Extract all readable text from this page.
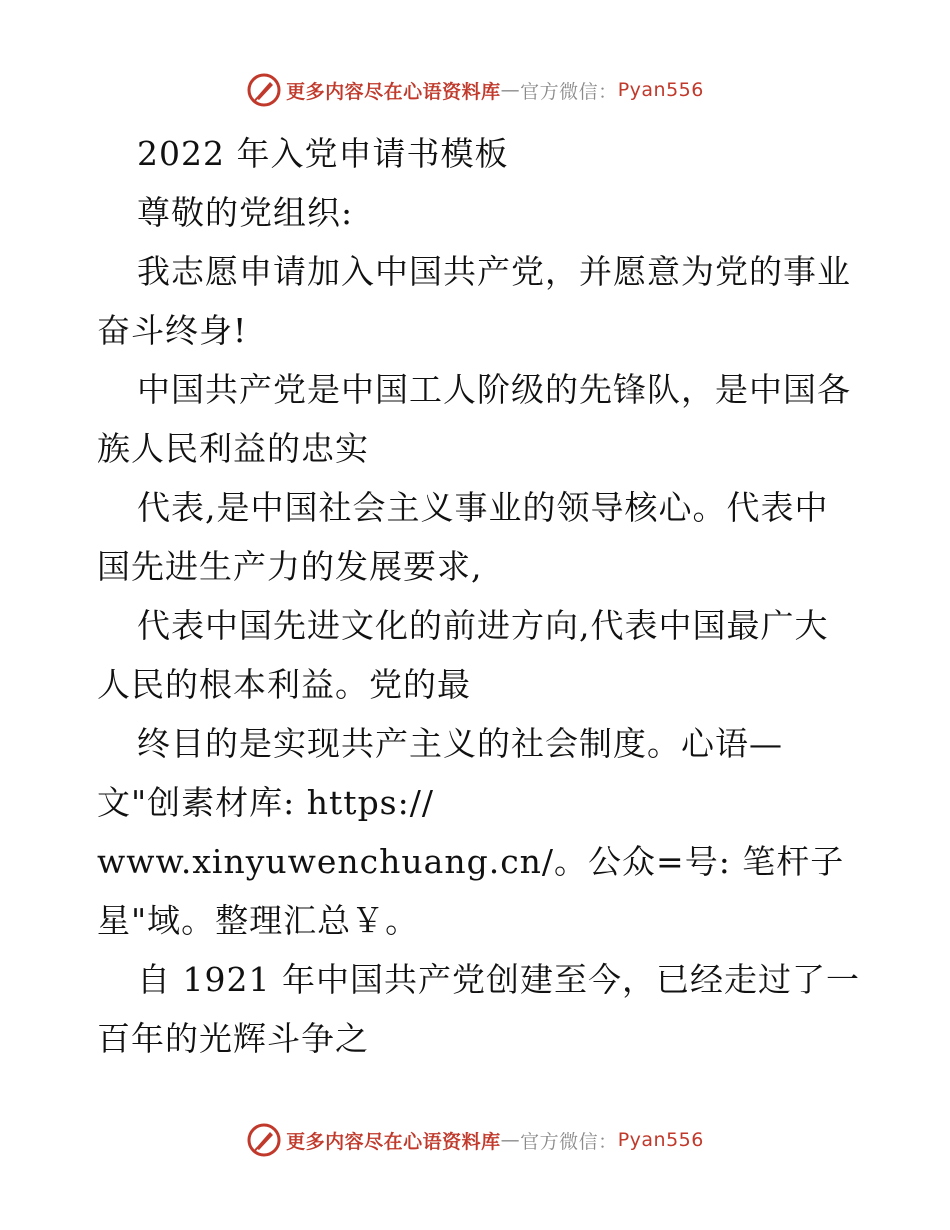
更多内容尽在心语资料库 — 官方微信： Pyan556
2022 年入党申请书模板
尊敬的党组织:
我志愿申请加入中国共产党，并愿意为党的事业
奋斗终身!
中国共产党是中国工人阶级的先锋队，是中国各
族人民利益的忠实
代表,是中国社会主义事业的领导核心。代表中
国先进生产力的发展要求,
代表中国先进文化的前进方向,代表中国最广大
人民的根本利益。党的最
终目的是实现共产主义的社会制度。心语—
文"创素材库: https://
www.xinyuwenchuang.cn/。公众=号: 笔杆子
星"域。整理汇总￥。
自 1921 年中国共产党创建至今，已经走过了一
百年的光辉斗争之
更多内容尽在心语资料库 — 官方微信： Pyan556
